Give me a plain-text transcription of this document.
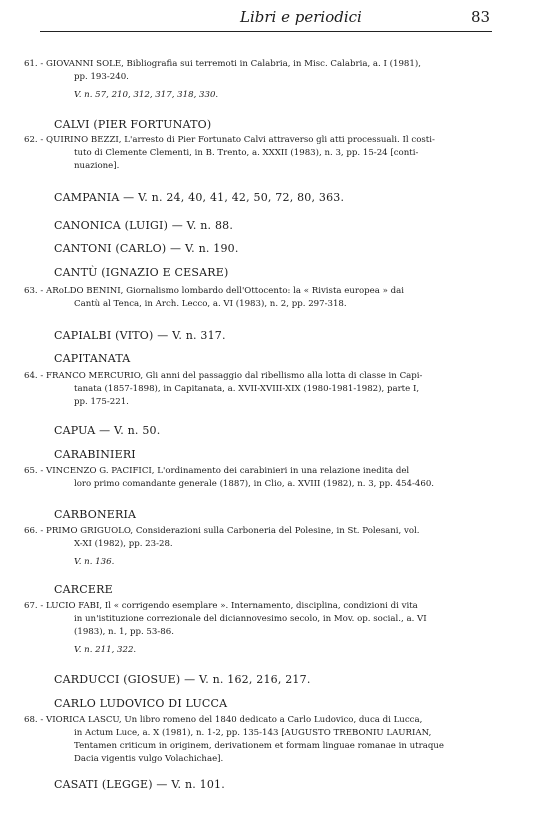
Libri e periodici	83
61. - GIOVANNI SOLE, Bibliografia sui terremoti in Calabria, in Misc. Calabria, a. I (1981),
pp. 193-240.
V. n. 57, 210, 312, 317, 318, 330.
CALVI (PIER FORTUNATO)
62. - QUIRINO BEZZI, L'arresto di Pier Fortunato Calvi attraverso gli atti processuali. Il costi-
tuto di Clemente Clementi, in B. Trento, a. XXXII (1983), n. 3, pp. 15-24 [conti-
nuazione].
CAMPANIA — V. n. 24, 40, 41, 42, 50, 72, 80, 363.
CANONICA (LUIGI) — V. n. 88.
CANTONI (CARLO) — V. n. 190.
CANTÙ (IGNAZIO E CESARE)
63. - ARoLDO BENINI, Giornalismo lombardo dell'Ottocento: la « Rivista europea » dai
Cantù al Tenca, in Arch. Lecco, a. VI (1983), n. 2, pp. 297-318.
CAPIALBI (VITO) — V. n. 317.
CAPITANATA
64. - FRANCO MERCURIO, Gli anni del passaggio dal ribellismo alla lotta di classe in Capi-
tanata (1857-1898), in Capitanata, a. XVII-XVIII-XIX (1980-1981-1982), parte I,
pp. 175-221.
CAPUA — V. n. 50.
CARABINIERI
65. - VINCENZO G. PACIFICI, L'ordinamento dei carabinieri in una relazione inedita del
loro primo comandante generale (1887), in Clio, a. XVIII (1982), n. 3, pp. 454-460.
CARBONERIA
66. - PRIMO GRIGUOLO, Considerazioni sulla Carboneria del Polesine, in St. Polesani, vol.
X-XI (1982), pp. 23-28.
V. n. 136.
CARCERE
67. - LUCIO FABI, Il « corrigendo esemplare ». Internamento, disciplina, condizioni di vita
in un'istituzione correzionale del diciannovesimo secolo, in Mov. op. social., a. VI
(1983), n. 1, pp. 53-86.
V. n. 211, 322.
CARDUCCI (GIOSUE) — V. n. 162, 216, 217.
CARLO LUDOVICO DI LUCCA
68. - VIORICA LASCU, Un libro romeno del 1840 dedicato a Carlo Ludovico, duca di Lucca,
in Actum Luce, a. X (1981), n. 1-2, pp. 135-143 [AUGUSTO TREBONIU LAURIAN,
Tentamen criticum in originem, derivationem et formam linguae romanae in utraque
Dacia vigentis vulgo Volachichae].
CASATI (LEGGE) — V. n. 101.
